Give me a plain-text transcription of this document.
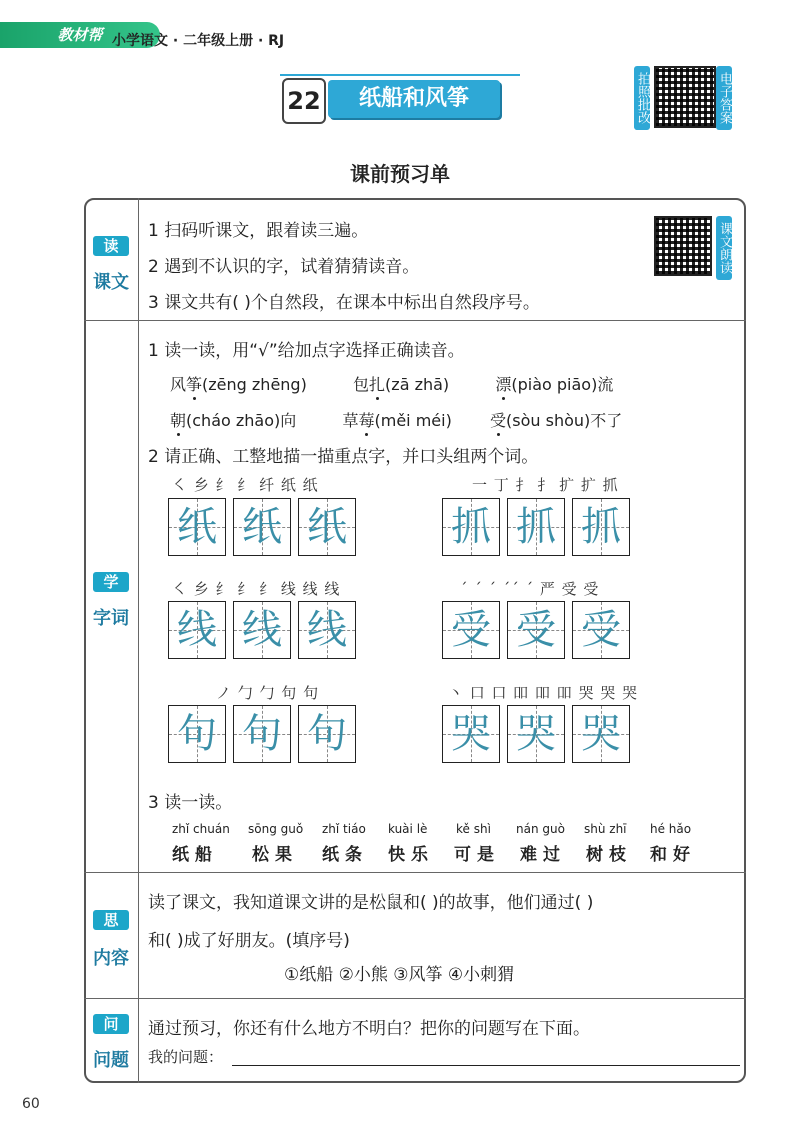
教材帮 小学语文 · 二年级上册 · RJ
22	纸船和风筝	拍照批改	电子答案
课前预习单
读
课文
1 扫码听课文，跟着读三遍。
2 遇到不认识的字，试着猜猜读音。
3 课文共有( )个自然段，在课本中标出自然段序号。
课文朗读
学
字词
1 读一读，用“√”给加点字选择正确读音。
风筝(zēng zhēng)	包扎(zā zhā)	漂(piào piāo)流
朝(cháo zhāo)向	草莓(měi méi) 受(sòu shòu)不了
2 请正确、工整地描一描重点字，并口头组两个词。
㇛ 乡 纟 纟 纤 纸 纸
纸 纸 纸
一 丁 扌 扌 扩 扩 抓
抓 抓 抓
㇛ 乡 纟 纟 纟 线 线 线
线 线 线
´ ˊ ˊ ˊˊ ˊ 严 受 受
受 受 受
ノ 勹 勹 句 句
句 句 句
丶 口 口 吅 吅 吅 哭 哭 哭
哭 哭 哭
3 读一读。
zhǐ chuán
纸船
sōng guǒ
松果
zhǐ tiáo
纸条
kuài lè
快乐
kě shì
可是
nán guò
难过
shù zhī
树枝
hé hǎo
和好
思
内容
读了课文，我知道课文讲的是松鼠和( )的故事，他们通过( )
和( )成了好朋友。(填序号)
①纸船 ②小熊 ③风筝 ④小刺猬
问
问题
通过预习，你还有什么地方不明白？把你的问题写在下面。
我的问题：
60
